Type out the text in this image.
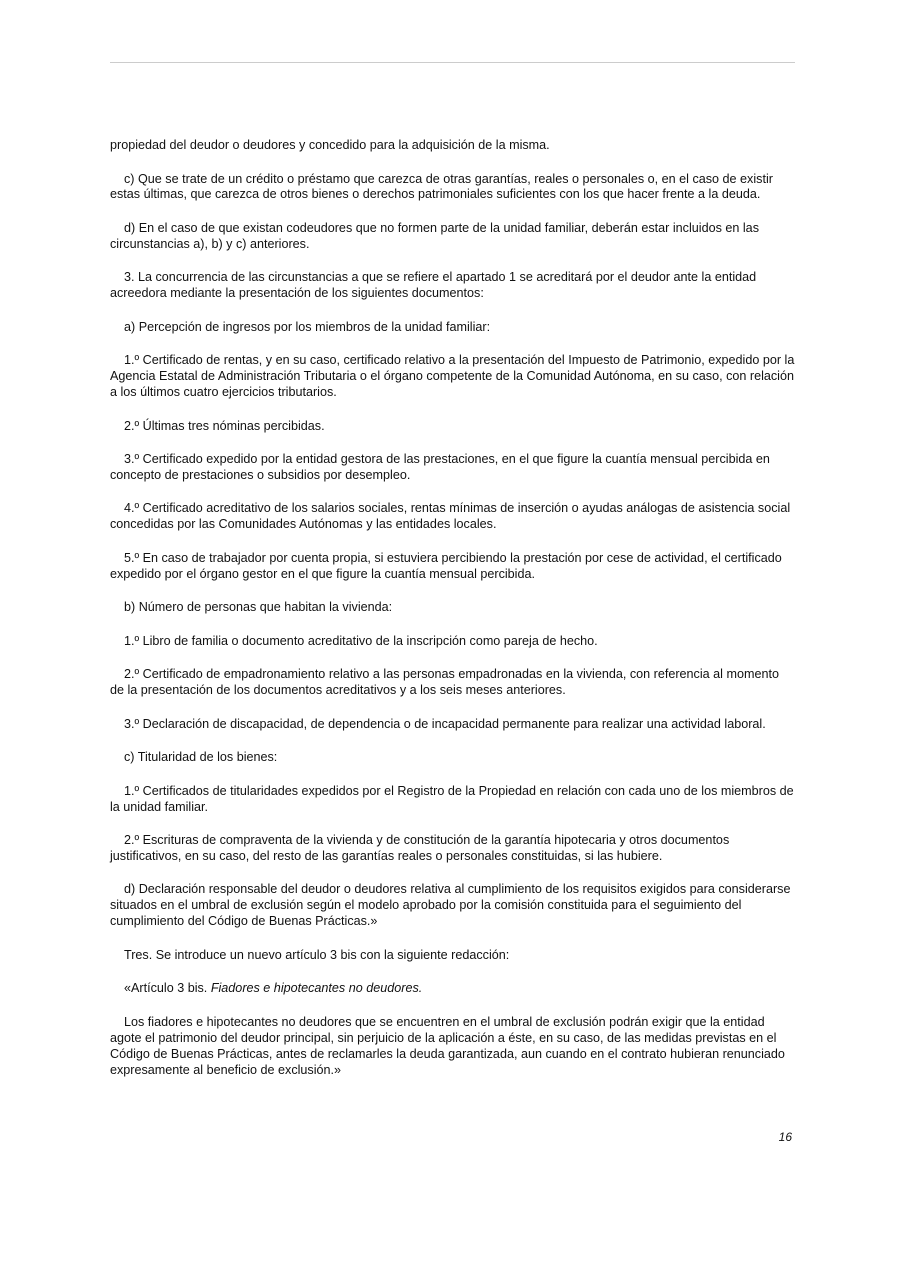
propiedad del deudor o deudores y concedido para la adquisición de la misma.

c) Que se trate de un crédito o préstamo que carezca de otras garantías, reales o personales o, en el caso de existir estas últimas, que carezca de otros bienes o derechos patrimoniales suficientes con los que hacer frente a la deuda.

d) En el caso de que existan codeudores que no formen parte de la unidad familiar, deberán estar incluidos en las circunstancias a), b) y c) anteriores.

3. La concurrencia de las circunstancias a que se refiere el apartado 1 se acreditará por el deudor ante la entidad acreedora mediante la presentación de los siguientes documentos:

a) Percepción de ingresos por los miembros de la unidad familiar:

1.º Certificado de rentas, y en su caso, certificado relativo a la presentación del Impuesto de Patrimonio, expedido por la Agencia Estatal de Administración Tributaria o el órgano competente de la Comunidad Autónoma, en su caso, con relación a los últimos cuatro ejercicios tributarios.

2.º Últimas tres nóminas percibidas.

3.º Certificado expedido por la entidad gestora de las prestaciones, en el que figure la cuantía mensual percibida en concepto de prestaciones o subsidios por desempleo.

4.º Certificado acreditativo de los salarios sociales, rentas mínimas de inserción o ayudas análogas de asistencia social concedidas por las Comunidades Autónomas y las entidades locales.

5.º En caso de trabajador por cuenta propia, si estuviera percibiendo la prestación por cese de actividad, el certificado expedido por el órgano gestor en el que figure la cuantía mensual percibida.

b) Número de personas que habitan la vivienda:

1.º Libro de familia o documento acreditativo de la inscripción como pareja de hecho.

2.º Certificado de empadronamiento relativo a las personas empadronadas en la vivienda, con referencia al momento de la presentación de los documentos acreditativos y a los seis meses anteriores.

3.º Declaración de discapacidad, de dependencia o de incapacidad permanente para realizar una actividad laboral.

c) Titularidad de los bienes:

1.º Certificados de titularidades expedidos por el Registro de la Propiedad en relación con cada uno de los miembros de la unidad familiar.

2.º Escrituras de compraventa de la vivienda y de constitución de la garantía hipotecaria y otros documentos justificativos, en su caso, del resto de las garantías reales o personales constituidas, si las hubiere.

d) Declaración responsable del deudor o deudores relativa al cumplimiento de los requisitos exigidos para considerarse situados en el umbral de exclusión según el modelo aprobado por la comisión constituida para el seguimiento del cumplimiento del Código de Buenas Prácticas.»

Tres. Se introduce un nuevo artículo 3 bis con la siguiente redacción:

«Artículo 3 bis. Fiadores e hipotecantes no deudores.

Los fiadores e hipotecantes no deudores que se encuentren en el umbral de exclusión podrán exigir que la entidad agote el patrimonio del deudor principal, sin perjuicio de la aplicación a éste, en su caso, de las medidas previstas en el Código de Buenas Prácticas, antes de reclamarles la deuda garantizada, aun cuando en el contrato hubieran renunciado expresamente al beneficio de exclusión.»

16
